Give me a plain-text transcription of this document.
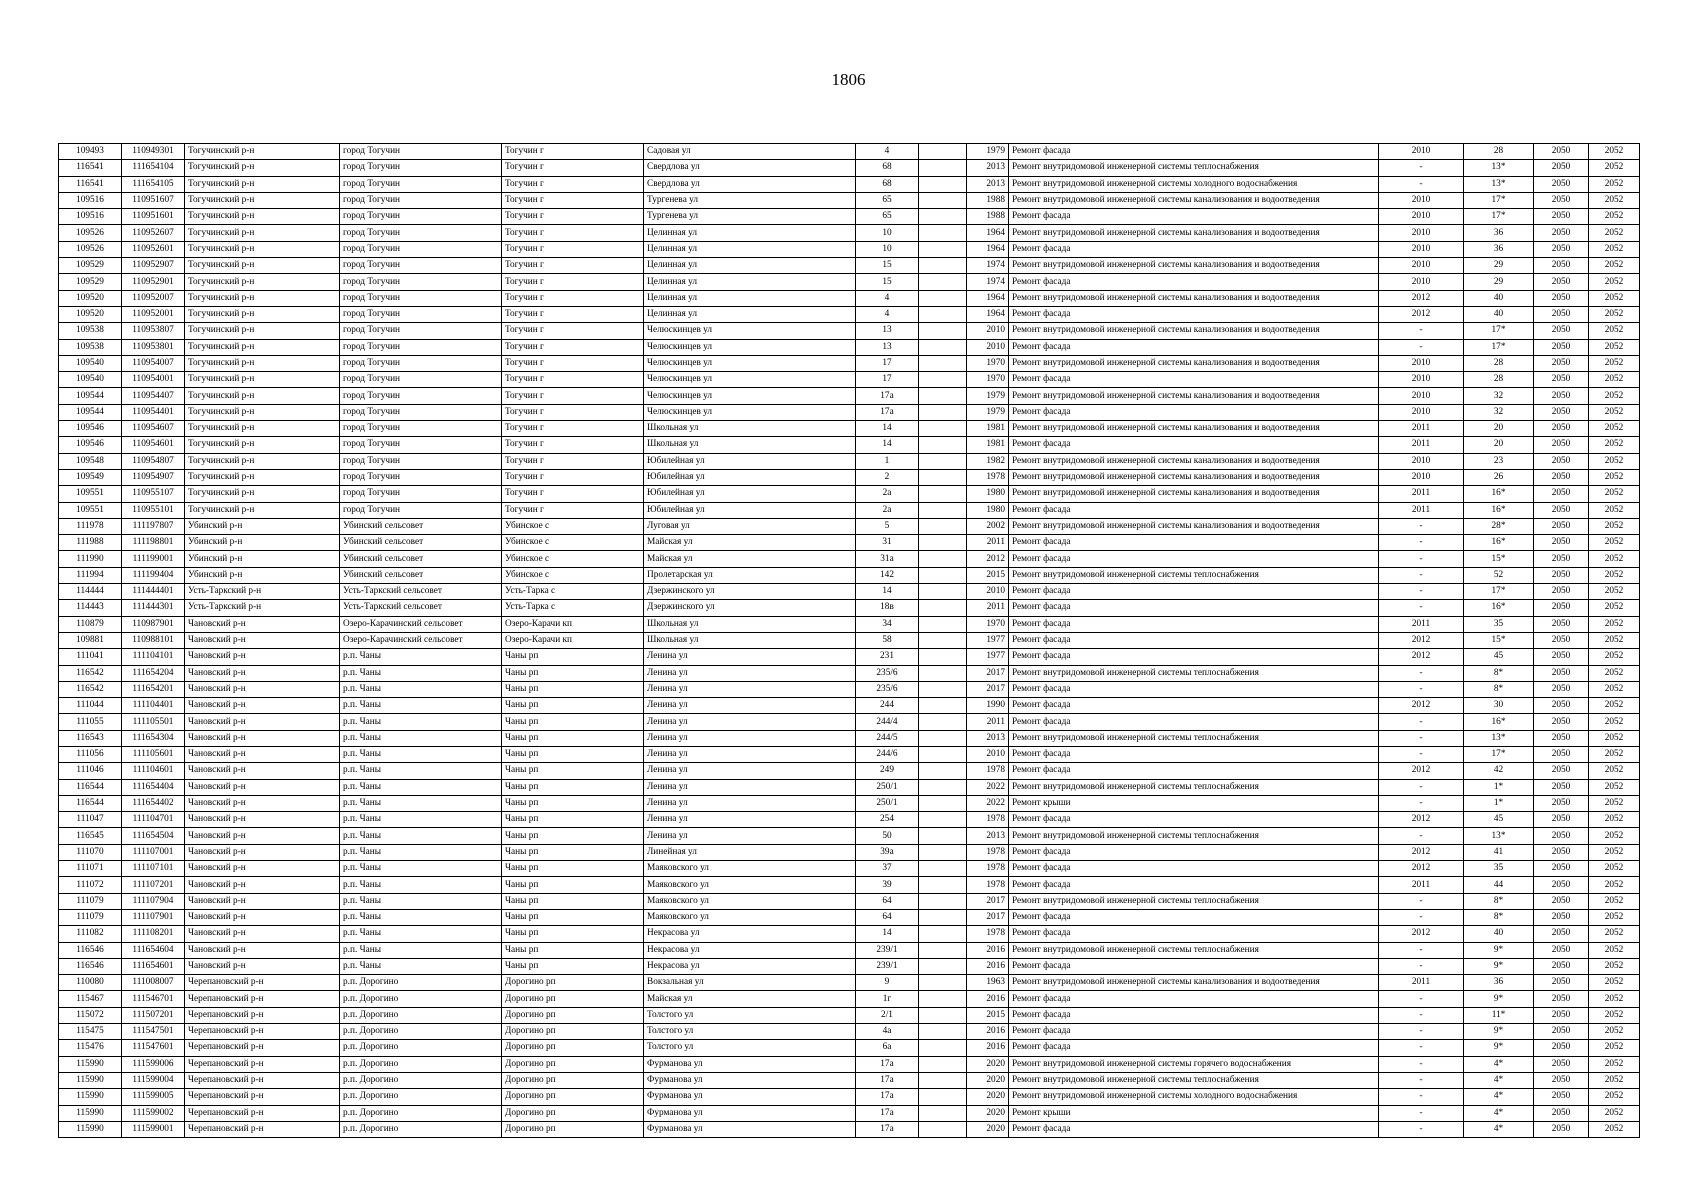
1806
109493	110949301	Тогучинский р-н	город Тогучин	Тогучин г	Садовая ул	4		1979	Ремонт фасада	2010	28	2050	2052
116541	111654104	Тогучинский р-н	город Тогучин	Тогучин г	Свердлова ул	68		2013	Ремонт внутридомовой инженерной системы теплоснабжения	-	13*	2050	2052
116541	111654105	Тогучинский р-н	город Тогучин	Тогучин г	Свердлова ул	68		2013	Ремонт внутридомовой инженерной системы холодного водоснабжения	-	13*	2050	2052
109516	110951607	Тогучинский р-н	город Тогучин	Тогучин г	Тургенева ул	65		1988	Ремонт внутридомовой инженерной системы канализования и водоотведения	2010	17*	2050	2052
109516	110951601	Тогучинский р-н	город Тогучин	Тогучин г	Тургенева ул	65		1988	Ремонт фасада	2010	17*	2050	2052
109526	110952607	Тогучинский р-н	город Тогучин	Тогучин г	Целинная ул	10		1964	Ремонт внутридомовой инженерной системы канализования и водоотведения	2010	36	2050	2052
109526	110952601	Тогучинский р-н	город Тогучин	Тогучин г	Целинная ул	10		1964	Ремонт фасада	2010	36	2050	2052
109529	110952907	Тогучинский р-н	город Тогучин	Тогучин г	Целинная ул	15		1974	Ремонт внутридомовой инженерной системы канализования и водоотведения	2010	29	2050	2052
109529	110952901	Тогучинский р-н	город Тогучин	Тогучин г	Целинная ул	15		1974	Ремонт фасада	2010	29	2050	2052
109520	110952007	Тогучинский р-н	город Тогучин	Тогучин г	Целинная ул	4		1964	Ремонт внутридомовой инженерной системы канализования и водоотведения	2012	40	2050	2052
109520	110952001	Тогучинский р-н	город Тогучин	Тогучин г	Целинная ул	4		1964	Ремонт фасада	2012	40	2050	2052
109538	110953807	Тогучинский р-н	город Тогучин	Тогучин г	Челюскинцев ул	13		2010	Ремонт внутридомовой инженерной системы канализования и водоотведения	-	17*	2050	2052
109538	110953801	Тогучинский р-н	город Тогучин	Тогучин г	Челюскинцев ул	13		2010	Ремонт фасада	-	17*	2050	2052
109540	110954007	Тогучинский р-н	город Тогучин	Тогучин г	Челюскинцев ул	17		1970	Ремонт внутридомовой инженерной системы канализования и водоотведения	2010	28	2050	2052
109540	110954001	Тогучинский р-н	город Тогучин	Тогучин г	Челюскинцев ул	17		1970	Ремонт фасада	2010	28	2050	2052
109544	110954407	Тогучинский р-н	город Тогучин	Тогучин г	Челюскинцев ул	17а		1979	Ремонт внутридомовой инженерной системы канализования и водоотведения	2010	32	2050	2052
109544	110954401	Тогучинский р-н	город Тогучин	Тогучин г	Челюскинцев ул	17а		1979	Ремонт фасада	2010	32	2050	2052
109546	110954607	Тогучинский р-н	город Тогучин	Тогучин г	Школьная ул	14		1981	Ремонт внутридомовой инженерной системы канализования и водоотведения	2011	20	2050	2052
109546	110954601	Тогучинский р-н	город Тогучин	Тогучин г	Школьная ул	14		1981	Ремонт фасада	2011	20	2050	2052
109548	110954807	Тогучинский р-н	город Тогучин	Тогучин г	Юбилейная ул	1		1982	Ремонт внутридомовой инженерной системы канализования и водоотведения	2010	23	2050	2052
109549	110954907	Тогучинский р-н	город Тогучин	Тогучин г	Юбилейная ул	2		1978	Ремонт внутридомовой инженерной системы канализования и водоотведения	2010	26	2050	2052
109551	110955107	Тогучинский р-н	город Тогучин	Тогучин г	Юбилейная ул	2а		1980	Ремонт внутридомовой инженерной системы канализования и водоотведения	2011	16*	2050	2052
109551	110955101	Тогучинский р-н	город Тогучин	Тогучин г	Юбилейная ул	2а		1980	Ремонт фасада	2011	16*	2050	2052
111978	111197807	Убинский р-н	Убинский сельсовет	Убинское с	Луговая ул	5		2002	Ремонт внутридомовой инженерной системы канализования и водоотведения	-	28*	2050	2052
111988	111198801	Убинский р-н	Убинский сельсовет	Убинское с	Майская ул	31		2011	Ремонт фасада	-	16*	2050	2052
111990	111199001	Убинский р-н	Убинский сельсовет	Убинское с	Майская ул	31а		2012	Ремонт фасада	-	15*	2050	2052
111994	111199404	Убинский р-н	Убинский сельсовет	Убинское с	Пролетарская ул	142		2015	Ремонт внутридомовой инженерной системы теплоснабжения	-	52	2050	2052
114444	111444401	Усть-Таркский р-н	Усть-Таркский сельсовет	Усть-Тарка с	Дзержинского ул	14		2010	Ремонт фасада	-	17*	2050	2052
114443	111444301	Усть-Таркский р-н	Усть-Таркский сельсовет	Усть-Тарка с	Дзержинского ул	18в		2011	Ремонт фасада	-	16*	2050	2052
110879	110987901	Чановский р-н	Озеро-Карачинский сельсовет	Озеро-Карачи кп	Школьная ул	34		1970	Ремонт фасада	2011	35	2050	2052
109881	110988101	Чановский р-н	Озеро-Карачинский сельсовет	Озеро-Карачи кп	Школьная ул	58		1977	Ремонт фасада	2012	15*	2050	2052
111041	111104101	Чановский р-н	р.п. Чаны	Чаны рп	Ленина ул	231		1977	Ремонт фасада	2012	45	2050	2052
116542	111654204	Чановский р-н	р.п. Чаны	Чаны рп	Ленина ул	235/6		2017	Ремонт внутридомовой инженерной системы теплоснабжения	-	8*	2050	2052
116542	111654201	Чановский р-н	р.п. Чаны	Чаны рп	Ленина ул	235/6		2017	Ремонт фасада	-	8*	2050	2052
111044	111104401	Чановский р-н	р.п. Чаны	Чаны рп	Ленина ул	244		1990	Ремонт фасада	2012	30	2050	2052
111055	111105501	Чановский р-н	р.п. Чаны	Чаны рп	Ленина ул	244/4		2011	Ремонт фасада	-	16*	2050	2052
116543	111654304	Чановский р-н	р.п. Чаны	Чаны рп	Ленина ул	244/5		2013	Ремонт внутридомовой инженерной системы теплоснабжения	-	13*	2050	2052
111056	111105601	Чановский р-н	р.п. Чаны	Чаны рп	Ленина ул	244/6		2010	Ремонт фасада	-	17*	2050	2052
111046	111104601	Чановский р-н	р.п. Чаны	Чаны рп	Ленина ул	249		1978	Ремонт фасада	2012	42	2050	2052
116544	111654404	Чановский р-н	р.п. Чаны	Чаны рп	Ленина ул	250/1		2022	Ремонт внутридомовой инженерной системы теплоснабжения	-	1*	2050	2052
116544	111654402	Чановский р-н	р.п. Чаны	Чаны рп	Ленина ул	250/1		2022	Ремонт крыши	-	1*	2050	2052
111047	111104701	Чановский р-н	р.п. Чаны	Чаны рп	Ленина ул	254		1978	Ремонт фасада	2012	45	2050	2052
116545	111654504	Чановский р-н	р.п. Чаны	Чаны рп	Ленина ул	50		2013	Ремонт внутридомовой инженерной системы теплоснабжения	-	13*	2050	2052
111070	111107001	Чановский р-н	р.п. Чаны	Чаны рп	Линейная ул	39а		1978	Ремонт фасада	2012	41	2050	2052
111071	111107101	Чановский р-н	р.п. Чаны	Чаны рп	Маяковского ул	37		1978	Ремонт фасада	2012	35	2050	2052
111072	111107201	Чановский р-н	р.п. Чаны	Чаны рп	Маяковского ул	39		1978	Ремонт фасада	2011	44	2050	2052
111079	111107904	Чановский р-н	р.п. Чаны	Чаны рп	Маяковского ул	64		2017	Ремонт внутридомовой инженерной системы теплоснабжения	-	8*	2050	2052
111079	111107901	Чановский р-н	р.п. Чаны	Чаны рп	Маяковского ул	64		2017	Ремонт фасада	-	8*	2050	2052
111082	111108201	Чановский р-н	р.п. Чаны	Чаны рп	Некрасова ул	14		1978	Ремонт фасада	2012	40	2050	2052
116546	111654604	Чановский р-н	р.п. Чаны	Чаны рп	Некрасова ул	239/1		2016	Ремонт внутридомовой инженерной системы теплоснабжения	-	9*	2050	2052
116546	111654601	Чановский р-н	р.п. Чаны	Чаны рп	Некрасова ул	239/1		2016	Ремонт фасада	-	9*	2050	2052
110080	111008007	Черепановский р-н	р.п. Дорогино	Дорогино рп	Вокзальная ул	9		1963	Ремонт внутридомовой инженерной системы канализования и водоотведения	2011	36	2050	2052
115467	111546701	Черепановский р-н	р.п. Дорогино	Дорогино рп	Майская ул	1г		2016	Ремонт фасада	-	9*	2050	2052
115072	111507201	Черепановский р-н	р.п. Дорогино	Дорогино рп	Толстого ул	2/1		2015	Ремонт фасада	-	11*	2050	2052
115475	111547501	Черепановский р-н	р.п. Дорогино	Дорогино рп	Толстого ул	4а		2016	Ремонт фасада	-	9*	2050	2052
115476	111547601	Черепановский р-н	р.п. Дорогино	Дорогино рп	Толстого ул	6а		2016	Ремонт фасада	-	9*	2050	2052
115990	111599006	Черепановский р-н	р.п. Дорогино	Дорогино рп	Фурманова ул	17а		2020	Ремонт внутридомовой инженерной системы горячего водоснабжения	-	4*	2050	2052
115990	111599004	Черепановский р-н	р.п. Дорогино	Дорогино рп	Фурманова ул	17а		2020	Ремонт внутридомовой инженерной системы теплоснабжения	-	4*	2050	2052
115990	111599005	Черепановский р-н	р.п. Дорогино	Дорогино рп	Фурманова ул	17а		2020	Ремонт внутридомовой инженерной системы холодного водоснабжения	-	4*	2050	2052
115990	111599002	Черепановский р-н	р.п. Дорогино	Дорогино рп	Фурманова ул	17а		2020	Ремонт крыши	-	4*	2050	2052
115990	111599001	Черепановский р-н	р.п. Дорогино	Дорогино рп	Фурманова ул	17а		2020	Ремонт фасада	-	4*	2050	2052
